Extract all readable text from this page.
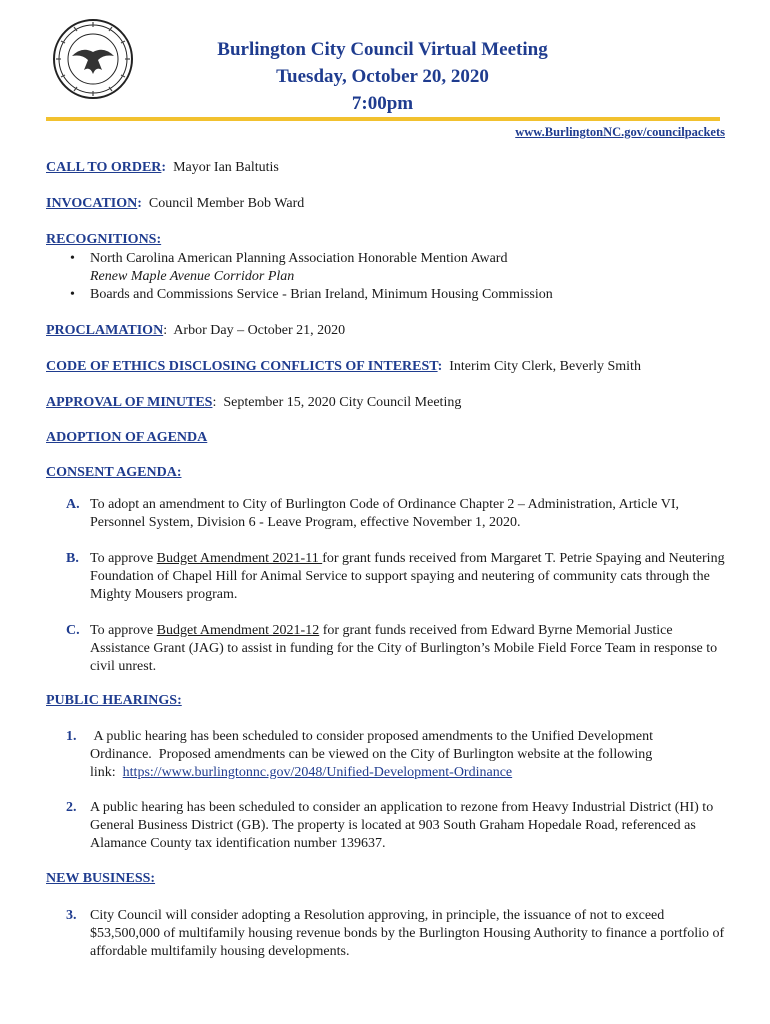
Burlington City Council Virtual Meeting
Tuesday, October 20, 2020
7:00pm
www.BurlingtonNC.gov/councilpackets
CALL TO ORDER: Mayor Ian Baltutis
INVOCATION: Council Member Bob Ward
RECOGNITIONS:
• North Carolina American Planning Association Honorable Mention Award
Renew Maple Avenue Corridor Plan
• Boards and Commissions Service - Brian Ireland, Minimum Housing Commission
PROCLAMATION: Arbor Day – October 21, 2020
CODE OF ETHICS DISCLOSING CONFLICTS OF INTEREST: Interim City Clerk, Beverly Smith
APPROVAL OF MINUTES: September 15, 2020 City Council Meeting
ADOPTION OF AGENDA
CONSENT AGENDA:
A. To adopt an amendment to City of Burlington Code of Ordinance Chapter 2 – Administration, Article VI, Personnel System, Division 6 - Leave Program, effective November 1, 2020.
B. To approve Budget Amendment 2021-11 for grant funds received from Margaret T. Petrie Spaying and Neutering Foundation of Chapel Hill for Animal Service to support spaying and neutering of community cats through the Mighty Mousers program.
C. To approve Budget Amendment 2021-12 for grant funds received from Edward Byrne Memorial Justice Assistance Grant (JAG) to assist in funding for the City of Burlington’s Mobile Field Force Team in response to civil unrest.
PUBLIC HEARINGS:
1. A public hearing has been scheduled to consider proposed amendments to the Unified Development Ordinance.  Proposed amendments can be viewed on the City of Burlington website at the following link:  https://www.burlingtonnc.gov/2048/Unified-Development-Ordinance
2. A public hearing has been scheduled to consider an application to rezone from Heavy Industrial District (HI) to General Business District (GB). The property is located at 903 South Graham Hopedale Road, referenced as Alamance County tax identification number 139637.
NEW BUSINESS:
3. City Council will consider adopting a Resolution approving, in principle, the issuance of not to exceed $53,500,000 of multifamily housing revenue bonds by the Burlington Housing Authority to finance a portfolio of affordable multifamily housing developments.
